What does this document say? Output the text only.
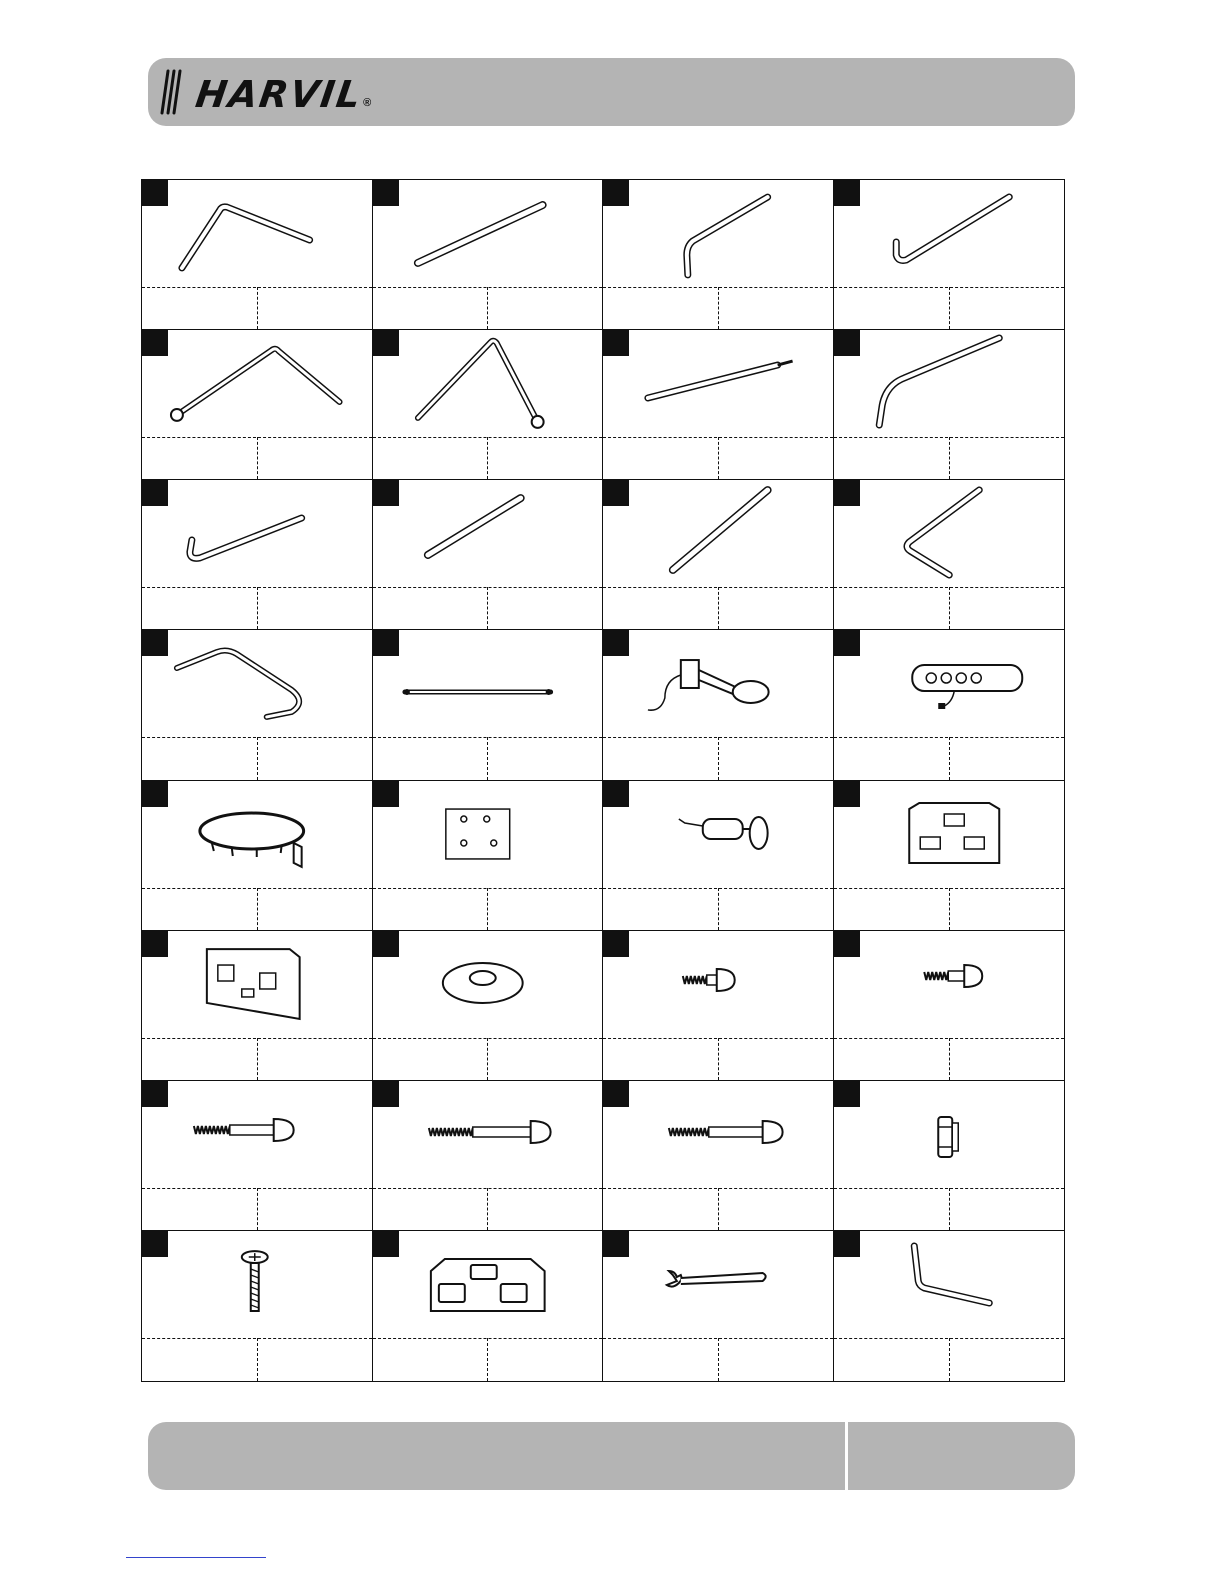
HARVIL
®
